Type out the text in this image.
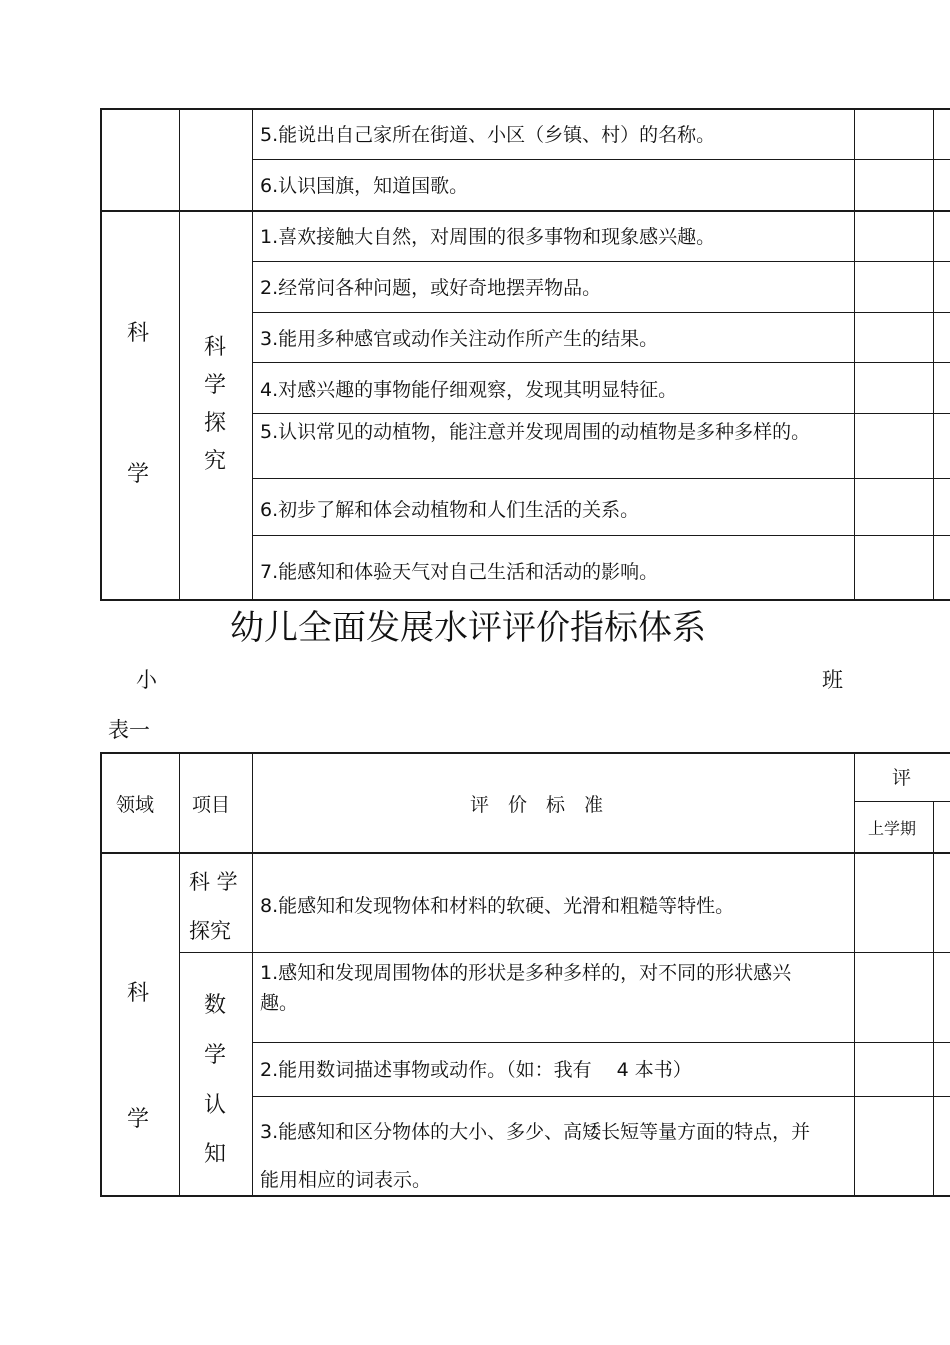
5.能说出自己家所在街道、小区（乡镇、村）的名称。
6.认识国旗，知道国歌。
科
学
科
学
探
究
1.喜欢接触大自然，对周围的很多事物和现象感兴趣。
2.经常问各种问题，或好奇地摆弄物品。
3.能用多种感官或动作关注动作所产生的结果。
4.对感兴趣的事物能仔细观察，发现其明显特征。
5.认识常见的动植物，能注意并发现周围的动植物是多种多样的。
6.初步了解和体会动植物和人们生活的关系。
7.能感知和体验天气对自己生活和活动的影响。
幼儿全面发展水评评价指标体系
小	班
表一
领域 项目	评　价　标　准
评
上学期
科
学
科 学
探究
数
学
认
知
8.能感知和发现物体和材料的软硬、光滑和粗糙等特性。
1.感知和发现周围物体的形状是多种多样的，对不同的形状感兴趣。
2.能用数词描述事物或动作。（如：我有　 4 本书）
3.能感知和区分物体的大小、多少、高矮长短等量方面的特点，并能用相应的词表示。
